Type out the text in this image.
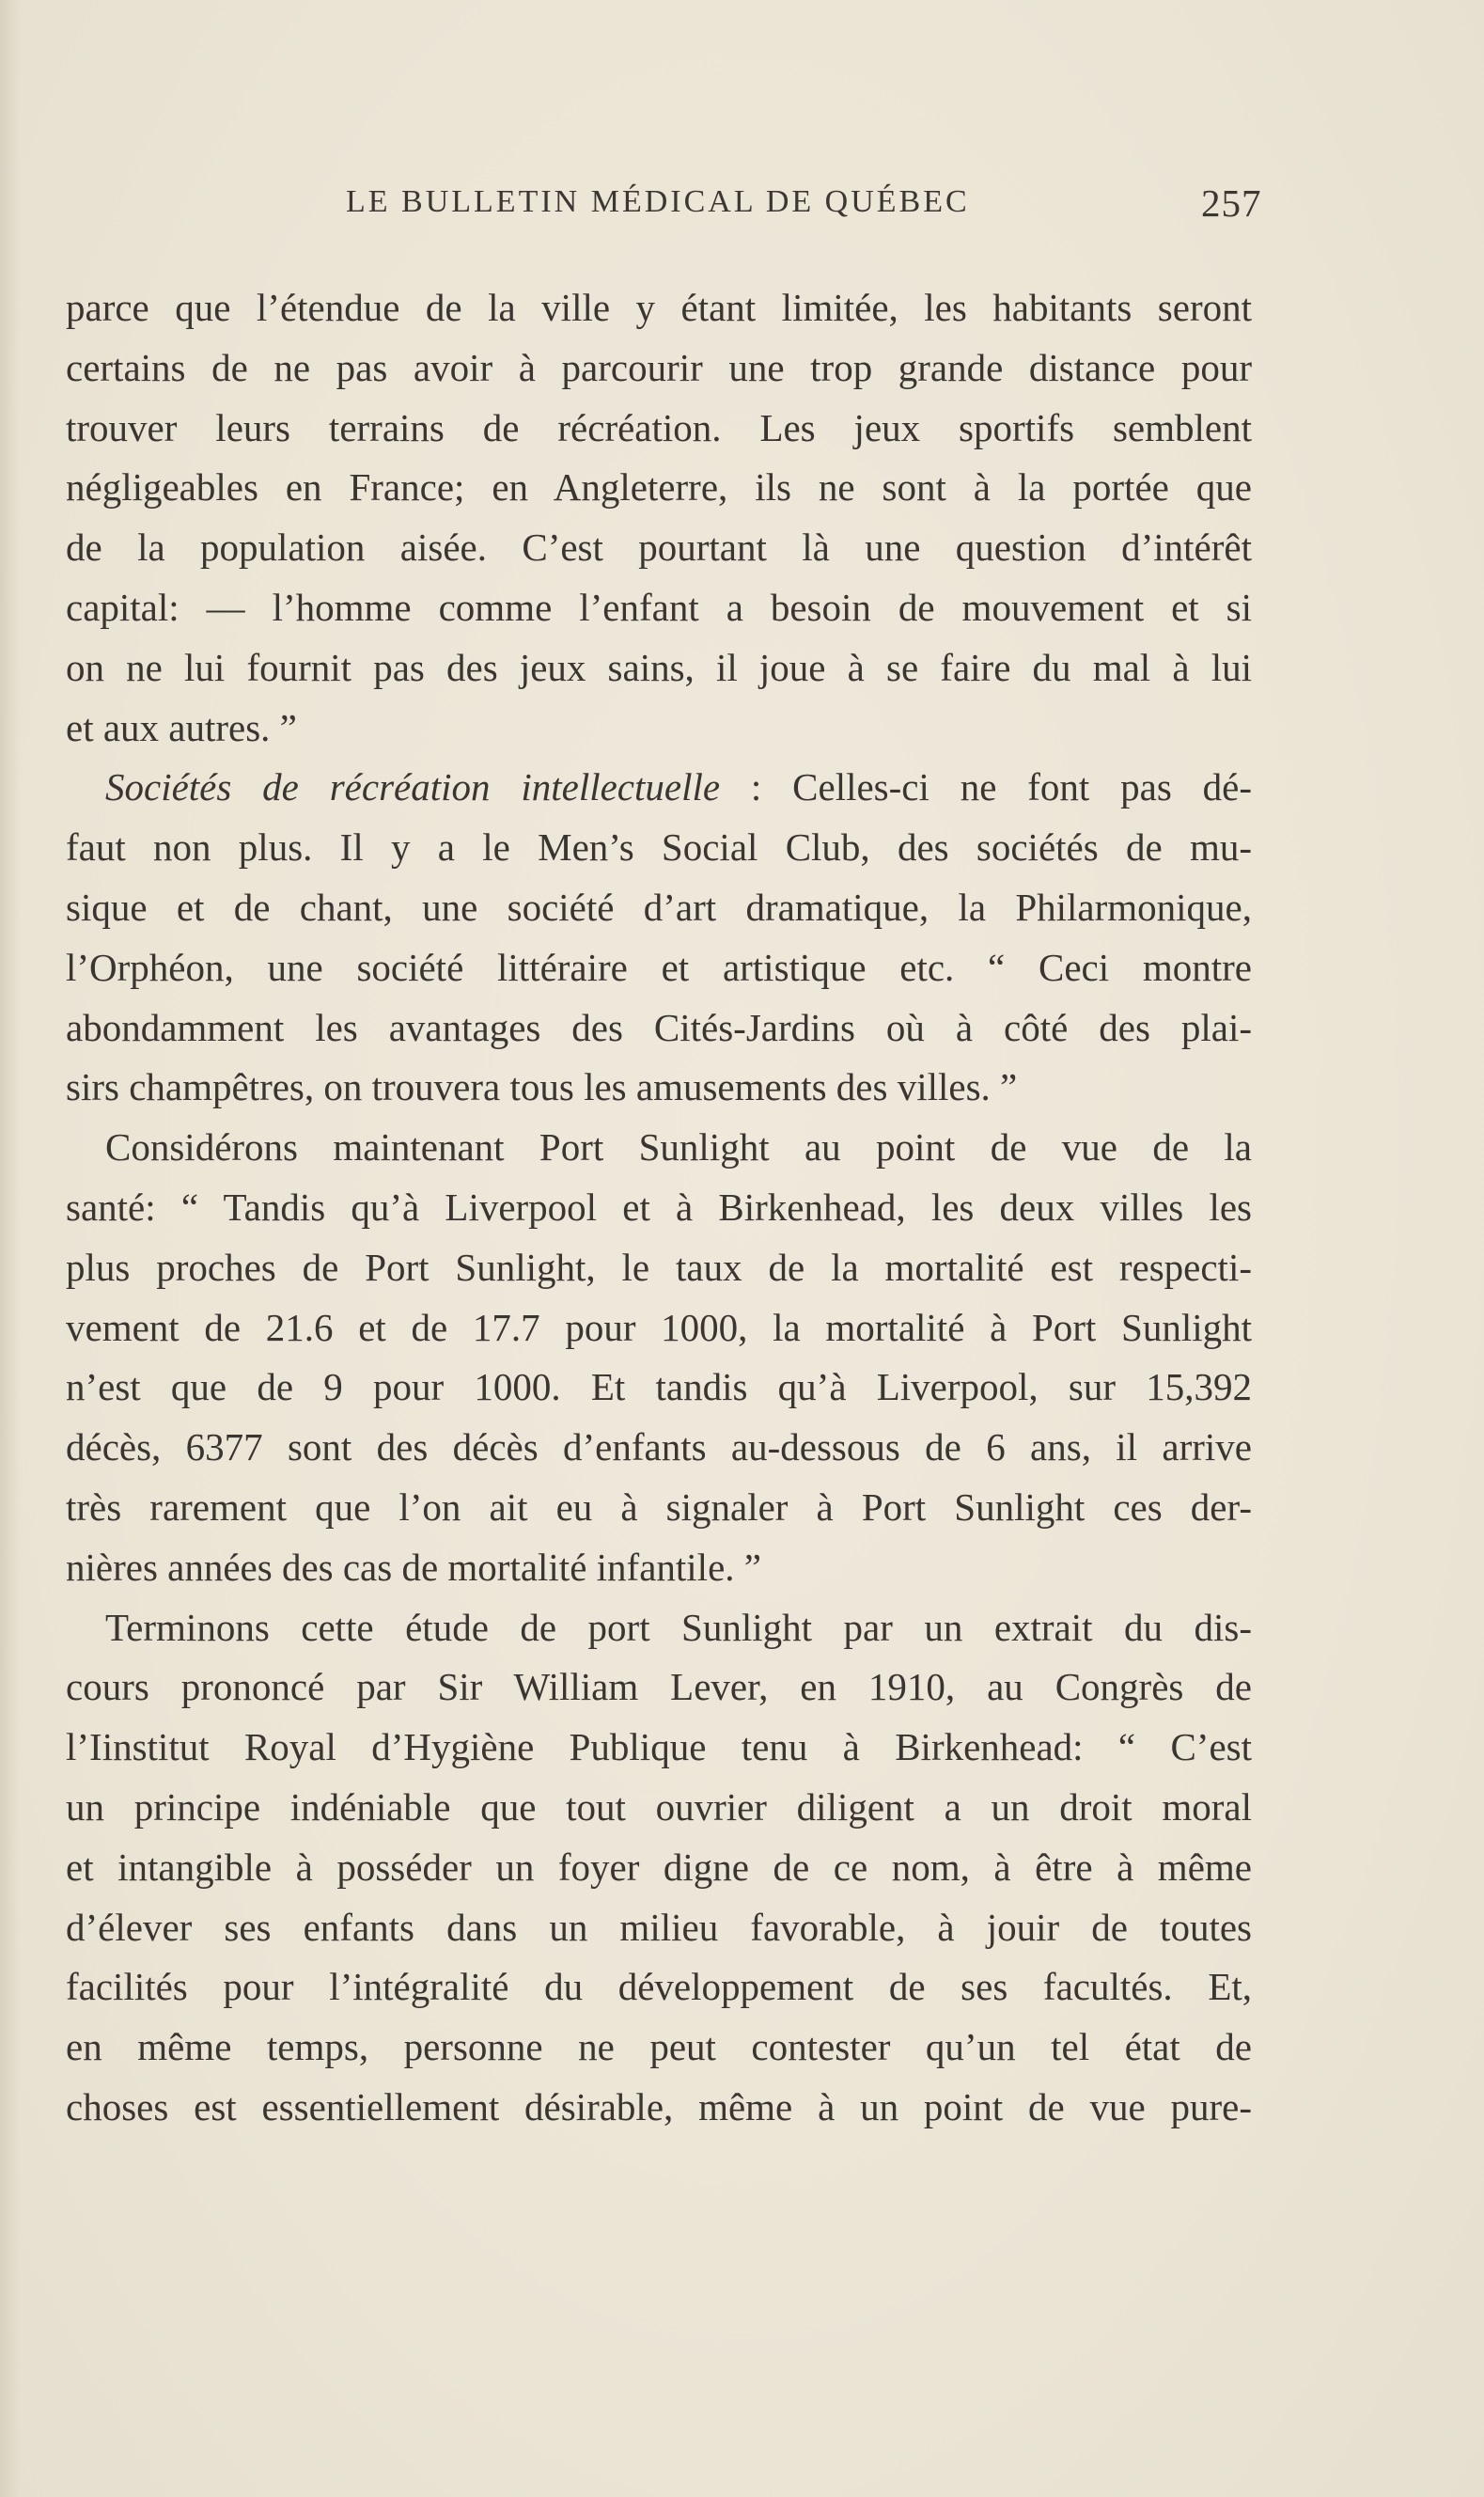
LE BULLETIN MÉDICAL DE QUÉBEC	257
parce que l’étendue de la ville y étant limitée, les habitants seront
certains de ne pas avoir à parcourir une trop grande distance pour
trouver leurs terrains de récréation. Les jeux sportifs semblent
négligeables en France; en Angleterre, ils ne sont à la portée que
de la population aisée. C’est pourtant là une question d’intérêt
capital: — l’homme comme l’enfant a besoin de mouvement et si
on ne lui fournit pas des jeux sains, il joue à se faire du mal à lui
et aux autres. ”
Sociétés de récréation intellectuelle : Celles-ci ne font pas dé-
faut non plus. Il y a le Men’s Social Club, des sociétés de mu-
sique et de chant, une société d’art dramatique, la Philarmonique,
l’Orphéon, une société littéraire et artistique etc. “ Ceci montre
abondamment les avantages des Cités-Jardins où à côté des plai-
sirs champêtres, on trouvera tous les amusements des villes. ”
Considérons maintenant Port Sunlight au point de vue de la
santé: “ Tandis qu’à Liverpool et à Birkenhead, les deux villes les
plus proches de Port Sunlight, le taux de la mortalité est respecti-
vement de 21.6 et de 17.7 pour 1000, la mortalité à Port Sunlight
n’est que de 9 pour 1000. Et tandis qu’à Liverpool, sur 15,392
décès, 6377 sont des décès d’enfants au-dessous de 6 ans, il arrive
très rarement que l’on ait eu à signaler à Port Sunlight ces der-
nières années des cas de mortalité infantile. ”
Terminons cette étude de port Sunlight par un extrait du dis-
cours prononcé par Sir William Lever, en 1910, au Congrès de
l’Iinstitut Royal d’Hygiène Publique tenu à Birkenhead: “ C’est
un principe indéniable que tout ouvrier diligent a un droit moral
et intangible à posséder un foyer digne de ce nom, à être à même
d’élever ses enfants dans un milieu favorable, à jouir de toutes
facilités pour l’intégralité du développement de ses facultés. Et,
en même temps, personne ne peut contester qu’un tel état de
choses est essentiellement désirable, même à un point de vue pure-
